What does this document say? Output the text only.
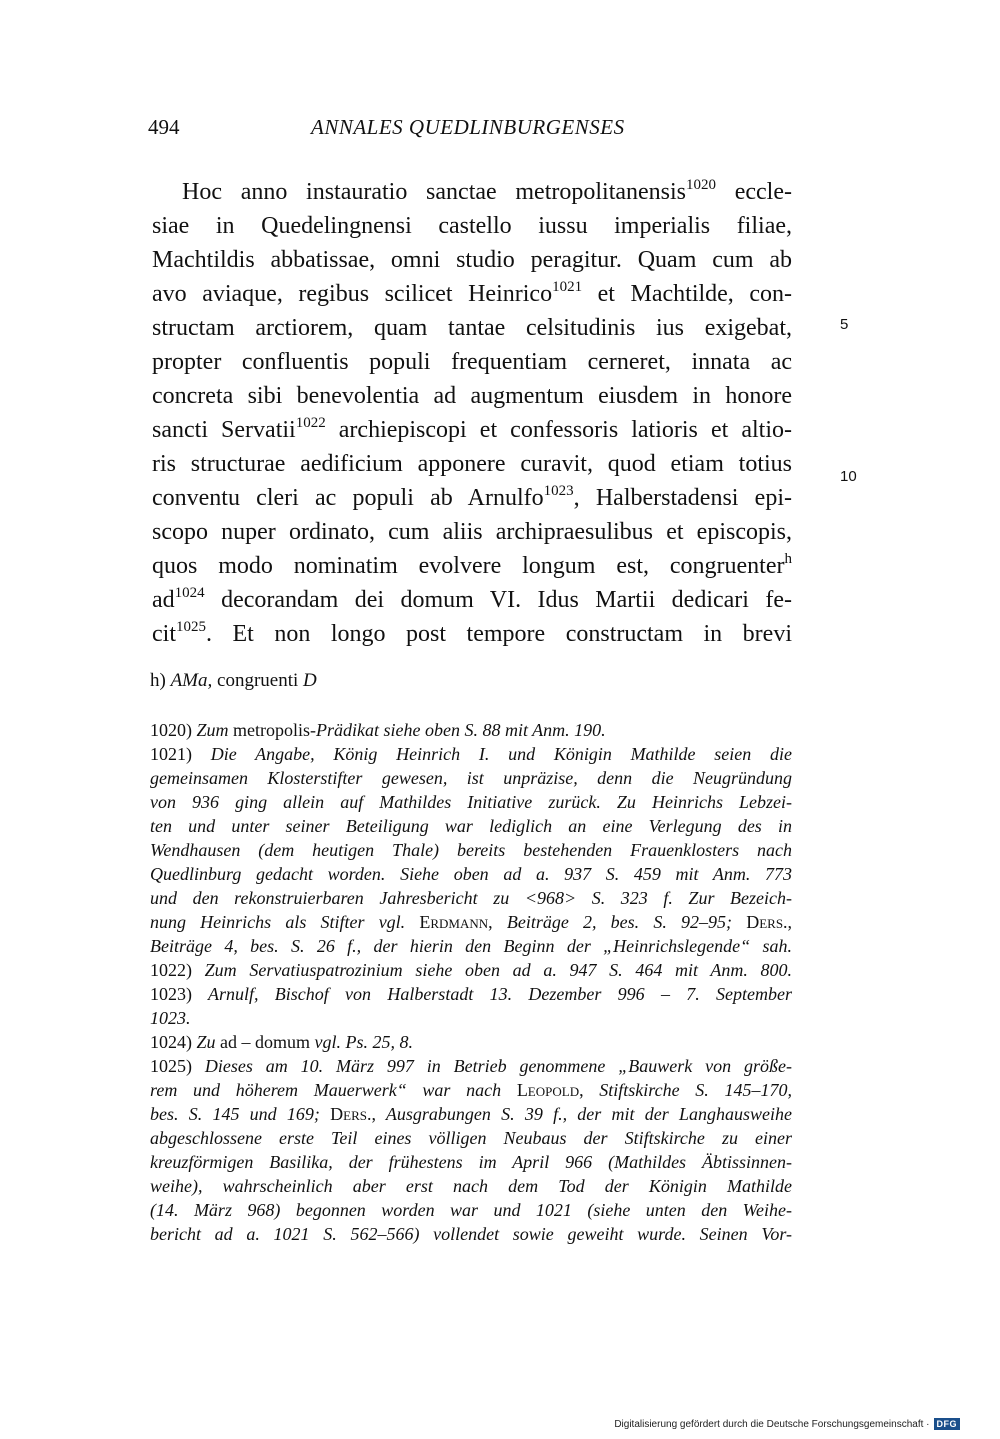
494	ANNALES QUEDLINBURGENSES
Hoc anno instauratio sanctae metropolitanensis$^{1020}$ eccle-
siae in Quedelingnensi castello iussu imperialis filiae,
Machtildis abbatissae, omni studio peragitur. Quam cum ab
avo aviaque, regibus scilicet Heinrico$^{1021}$ et Machtilde, con-
structam arctiorem, quam tantae celsitudinis ius exigebat,
propter confluentis populi frequentiam cerneret, innata ac
concreta sibi benevolentia ad augmentum eiusdem in honore
sancti Servatii$^{1022}$ archiepiscopi et confessoris latioris et altio-
ris structurae aedificium apponere curavit, quod etiam totius
conventu cleri ac populi ab Arnulfo$^{1023}$, Halberstadensi epi-
scopo nuper ordinato, cum aliis archipraesulibus et episcopis,
quos modo nominatim evolvere longum est, congruenter$^h$
$ad^{1024}$ decorandam dei domum VI. Idus Martii dedicari fe-
cit$^{1025}$. Et non longo post tempore constructam in brevi
5
10
h) AMa, congruenti D
1020) Zum metropolis-Prädikat siehe oben S. 88 mit Anm. 190.
1021) Die Angabe, König Heinrich I. und Königin Mathilde seien die
gemeinsamen Klosterstifter gewesen, ist unpräzise, denn die Neugründung
von 936 ging allein auf Mathildes Initiative zurück. Zu Heinrichs Lebzei-
ten und unter seiner Beteiligung war lediglich an eine Verlegung des in
Wendhausen (dem heutigen Thale) bereits bestehenden Frauenklosters nach
Quedlinburg gedacht worden. Siehe oben ad a. 937 S. 459 mit Anm. 773
und den rekonstruierbaren Jahresbericht zu <968> S. 323 f. Zur Bezeich-
nung Heinrichs als Stifter vgl. Erdmann, Beiträge 2, bes. S. 92–95; Ders.,
Beiträge 4, bes. S. 26 f., der hierin den Beginn der „Heinrichslegende“ sah.
1022) Zum Servatiuspatrozinium siehe oben ad a. 947 S. 464 mit Anm. 800.
1023) Arnulf, Bischof von Halberstadt 13. Dezember 996 – 7. September
1023.
1024) Zu ad – domum vgl. Ps. 25, 8.
1025) Dieses am 10. März 997 in Betrieb genommene „Bauwerk von größe-
rem und höherem Mauerwerk“ war nach Leopold, Stiftskirche S. 145–170,
bes. S. 145 und 169; Ders., Ausgrabungen S. 39 f., der mit der Langhausweihe
abgeschlossene erste Teil eines völligen Neubaus der Stiftskirche zu einer
kreuzförmigen Basilika, der frühestens im April 966 (Mathildes Äbtissinnen-
weihe), wahrscheinlich aber erst nach dem Tod der Königin Mathilde
(14. März 968) begonnen worden war und 1021 (siehe unten den Weihe-
bericht ad a. 1021 S. 562–566) vollendet sowie geweiht wurde. Seinen Vor-
Digitalisierung gefördert durch die Deutsche Forschungsgemeinschaft · DFG
